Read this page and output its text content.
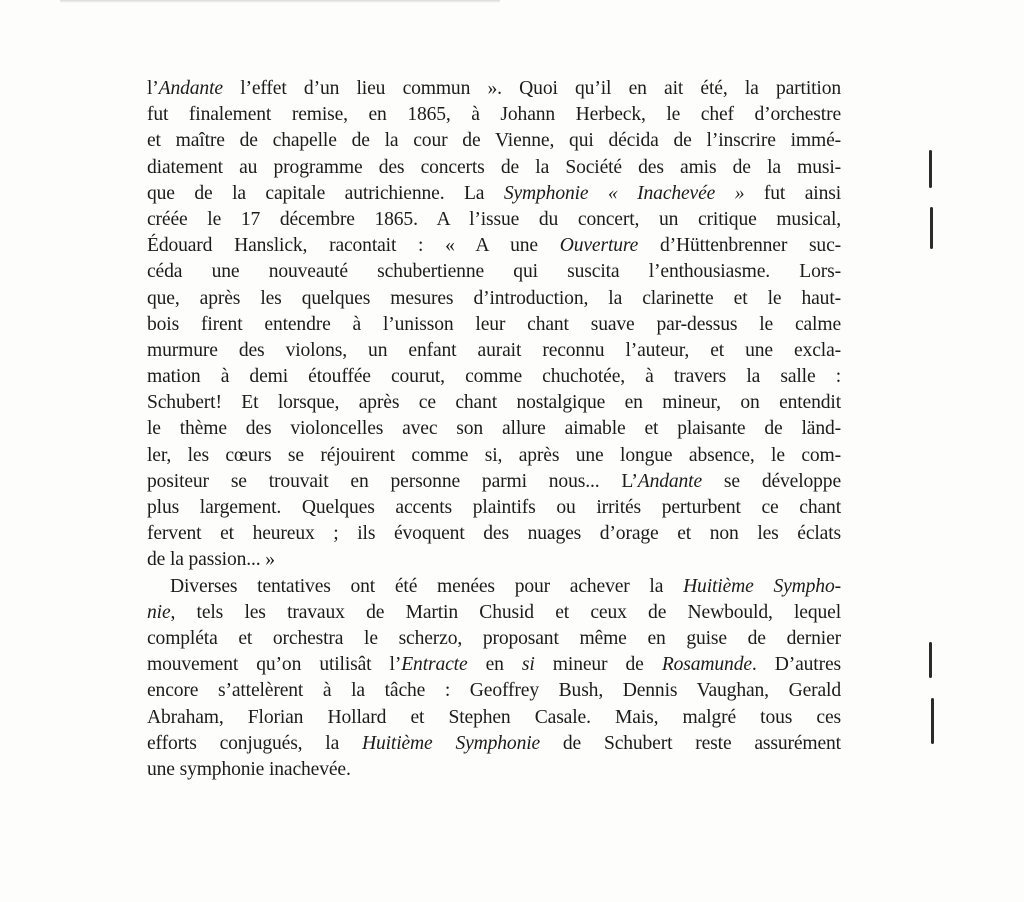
l’Andante l’effet d’un lieu commun ». Quoi qu’il en ait été, la partition
fut finalement remise, en 1865, à Johann Herbeck, le chef d’orchestre
et maître de chapelle de la cour de Vienne, qui décida de l’inscrire immé-
diatement au programme des concerts de la Société des amis de la musi-
que de la capitale autrichienne. La Symphonie « Inachevée » fut ainsi
créée le 17 décembre 1865. A l’issue du concert, un critique musical,
Édouard Hanslick, racontait : « A une Ouverture d’Hüttenbrenner suc-
céda une nouveauté schubertienne qui suscita l’enthousiasme. Lors-
que, après les quelques mesures d’introduction, la clarinette et le haut-
bois firent entendre à l’unisson leur chant suave par-dessus le calme
murmure des violons, un enfant aurait reconnu l’auteur, et une excla-
mation à demi étouffée courut, comme chuchotée, à travers la salle :
Schubert! Et lorsque, après ce chant nostalgique en mineur, on entendit
le thème des violoncelles avec son allure aimable et plaisante de länd-
ler, les cœurs se réjouirent comme si, après une longue absence, le com-
positeur se trouvait en personne parmi nous... L’Andante se développe
plus largement. Quelques accents plaintifs ou irrités perturbent ce chant
fervent et heureux ; ils évoquent des nuages d’orage et non les éclats
de la passion... »
Diverses tentatives ont été menées pour achever la Huitième Sympho-
nie, tels les travaux de Martin Chusid et ceux de Newbould, lequel
compléta et orchestra le scherzo, proposant même en guise de dernier
mouvement qu’on utilisât l’Entracte en si mineur de Rosamunde. D’autres
encore s’attelèrent à la tâche : Geoffrey Bush, Dennis Vaughan, Gerald
Abraham, Florian Hollard et Stephen Casale. Mais, malgré tous ces
efforts conjugués, la Huitième Symphonie de Schubert reste assurément
une symphonie inachevée.
